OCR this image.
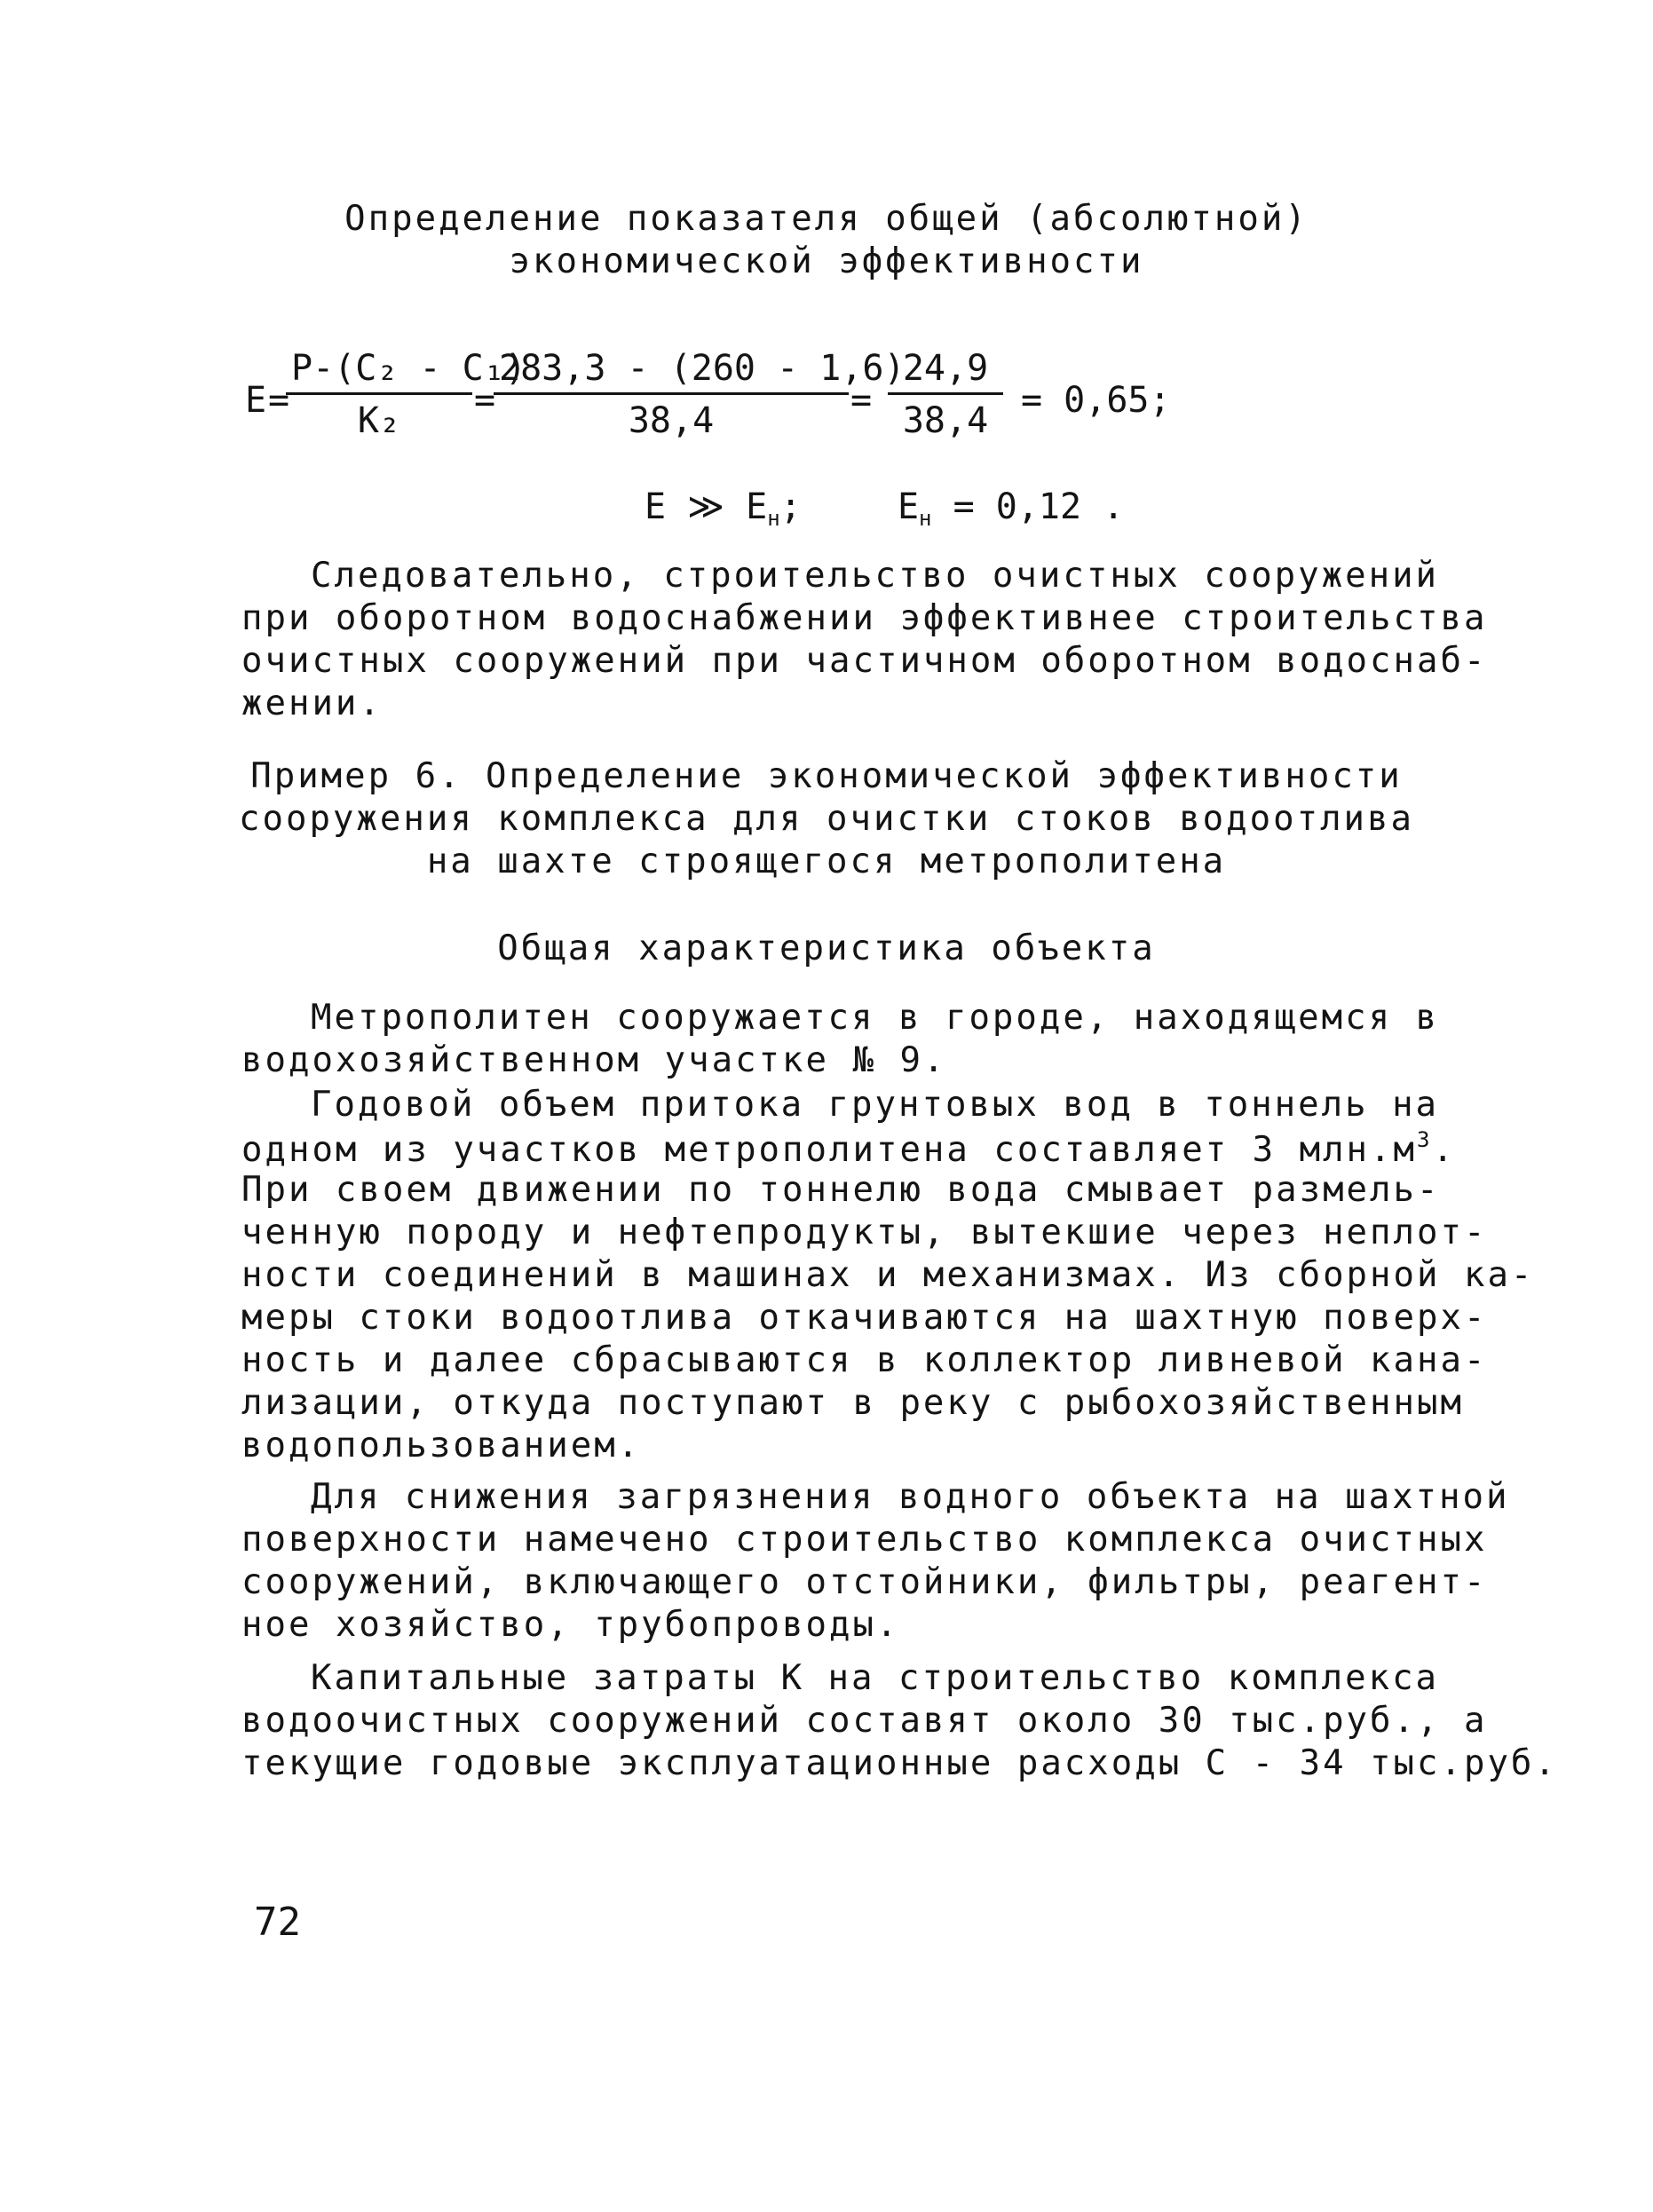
Определение показателя общей (абсолютной)
экономической эффективности
E =
$\frac{\text{P-(C₂ - C₁)}}{\text{K₂}}$ =
$\frac{283,3 - (260 - 1,6)}{38,4} = \frac{24,9}{38,4} = 0,65$;
E ≫ $E_н$;	$E_н = 0,12$ .
Следовательно, строительство очистных сооружений
при оборотном водоснабжении эффективнее строительства
очистных сооружений при частичном оборотном водоснаб-
жении.
Пример 6. Определение экономической эффективности
сооружения комплекса для очистки стоков водоотлива
на шахте строящегося метрополитена
Общая характеристика объекта
Метрополитен сооружается в городе, находящемся в
водохозяйственном участке № 9.
Годовой объем притока грунтовых вод в тоннель на
одном из участков метрополитена составляет 3 $млн.м^3$.
При своем движении по тоннелю вода смывает размель-
ченную породу и нефтепродукты, вытекшие через неплот-
ности соединений в машинах и механизмах. Из сборной ка-
меры стоки водоотлива откачиваются на шахтную поверх-
ность и далее сбрасываются в коллектор ливневой кана-
лизации, откуда поступают в реку с рыбохозяйственным
водопользованием.
Для снижения загрязнения водного объекта на шахтной
поверхности намечено строительство комплекса очистных
сооружений, включающего отстойники, фильтры, реагент-
ное хозяйство, трубопроводы.
Капитальные затраты K на строительство комплекса
водоочистных сооружений составят около 30 тыс.руб., а
текущие годовые эксплуатационные расходы C - 34 тыс.руб.
72
